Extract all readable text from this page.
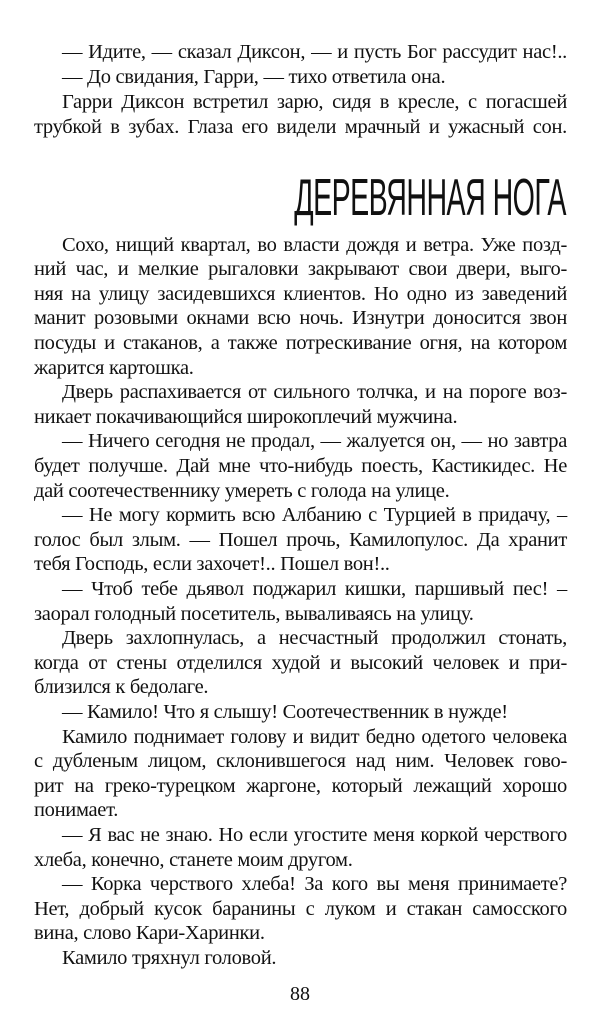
— Идите, — сказал Диксон, — и пусть Бог рассудит нас!..
— До свидания, Гарри, — тихо ответила она.
Гарри Диксон встретил зарю, сидя в кресле, с погасшей
трубкой в зубах. Глаза его видели мрачный и ужасный сон.
ДЕРЕВЯННАЯ НОГА
Сохо, нищий квартал, во власти дождя и ветра. Уже позд-
ний час, и мелкие рыгаловки закрывают свои двери, выго-
няя на улицу засидевшихся клиентов. Но одно из заведений
манит розовыми окнами всю ночь. Изнутри доносится звон
посуды и стаканов, а также потрескивание огня, на котором
жарится картошка.
Дверь распахивается от сильного толчка, и на пороге воз-
никает покачивающийся широкоплечий мужчина.
— Ничего сегодня не продал, — жалуется он, — но завтра
будет получше. Дай мне что-нибудь поесть, Кастикидес. Не
дай соотечественнику умереть с голода на улице.
— Не могу кормить всю Албанию с Турцией в придачу, –
голос был злым. — Пошел прочь, Камилопулос. Да хранит
тебя Господь, если захочет!.. Пошел вон!..
— Чтоб тебе дьявол поджарил кишки, паршивый пес! –
заорал голодный посетитель, вываливаясь на улицу.
Дверь захлопнулась, а несчастный продолжил стонать,
когда от стены отделился худой и высокий человек и при-
близился к бедолаге.
— Камило! Что я слышу! Соотечественник в нужде!
Камило поднимает голову и видит бедно одетого человека
с дубленым лицом, склонившегося над ним. Человек гово-
рит на греко-турецком жаргоне, который лежащий хорошо
понимает.
— Я вас не знаю. Но если угостите меня коркой черствого
хлеба, конечно, станете моим другом.
— Корка черствого хлеба! За кого вы меня принимаете?
Нет, добрый кусок баранины с луком и стакан самосского
вина, слово Кари-Харинки.
Камило тряхнул головой.
88
